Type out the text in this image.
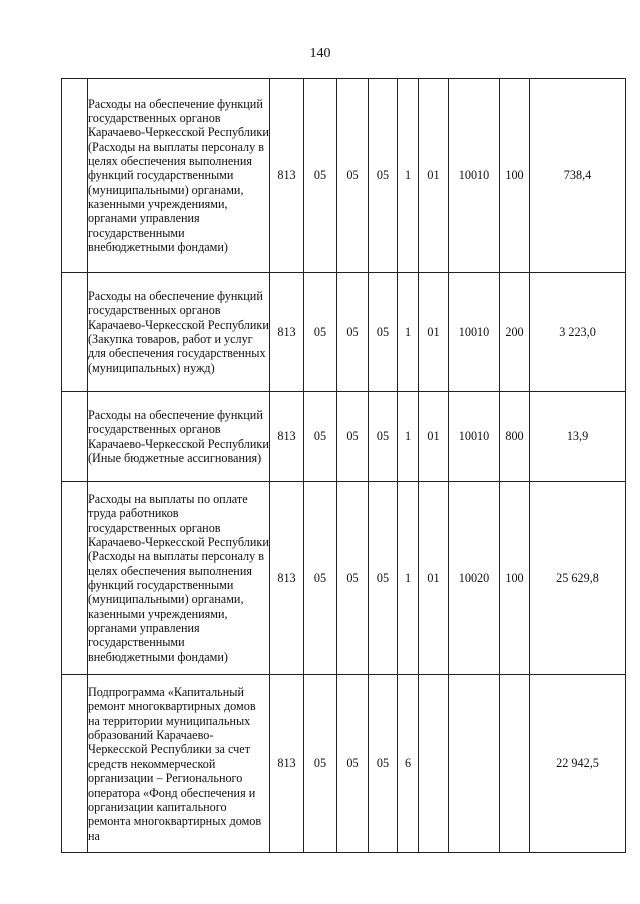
140
	Расходы на обеспечение функций государственных органов Карачаево-Черкесской Республики (Расходы на выплаты персоналу в целях обеспечения выполнения функций государственными (муниципальными) органами, казенными учреждениями, органами управления государственными внебюджетными фондами)	813	05	05	05	1	01	10010	100	738,4
	Расходы на обеспечение функций государственных органов Карачаево-Черкесской Республики (Закупка товаров, работ и услуг для обеспечения государственных (муниципальных) нужд)	813	05	05	05	1	01	10010	200	3 223,0
	Расходы на обеспечение функций государственных органов Карачаево-Черкесской Республики (Иные бюджетные ассигнования)	813	05	05	05	1	01	10010	800	13,9
	Расходы на выплаты по оплате труда работников государственных органов Карачаево-Черкесской Республики (Расходы на выплаты персоналу в целях обеспечения выполнения функций государственными (муниципальными) органами, казенными учреждениями, органами управления государственными внебюджетными фондами)	813	05	05	05	1	01	10020	100	25 629,8
	Подпрограмма «Капитальный ремонт многоквартирных домов на территории муниципальных образований Карачаево-Черкесской Республики за счет средств некоммерческой организации – Регионального оператора «Фонд обеспечения и организации капитального ремонта многоквартирных домов на	813	05	05	05	6				22 942,5
